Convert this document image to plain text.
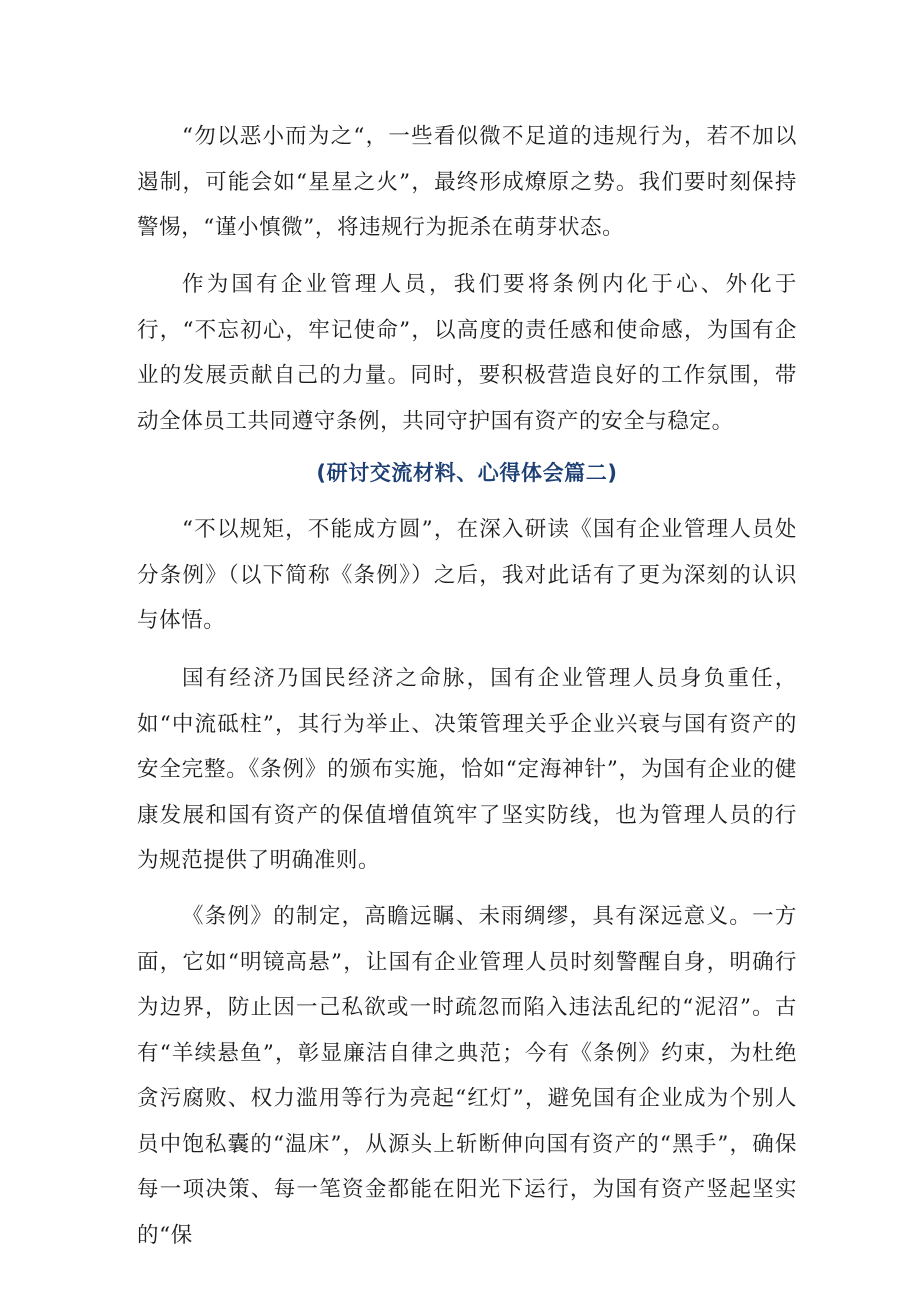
“勿以恶小而为之“，一些看似微不足道的违规行为，若不加以遏制，可能会如“星星之火”，最终形成燎原之势。我们要时刻保持警惕，“谨小慎微”，将违规行为扼杀在萌芽状态。

作为国有企业管理人员，我们要将条例内化于心、外化于行，“不忘初心，牢记使命”，以高度的责任感和使命感，为国有企业的发展贡献自己的力量。同时，要积极营造良好的工作氛围，带动全体员工共同遵守条例，共同守护国有资产的安全与稳定。

(研讨交流材料、心得体会篇二)

“不以规矩，不能成方圆”，在深入研读《国有企业管理人员处分条例》（以下简称《条例》）之后，我对此话有了更为深刻的认识与体悟。

国有经济乃国民经济之命脉，国有企业管理人员身负重任，如“中流砥柱”，其行为举止、决策管理关乎企业兴衰与国有资产的安全完整。《条例》的颁布实施，恰如“定海神针”，为国有企业的健康发展和国有资产的保值增值筑牢了坚实防线，也为管理人员的行为规范提供了明确准则。

《条例》的制定，高瞻远瞩、未雨绸缪，具有深远意义。一方面，它如“明镜高悬”，让国有企业管理人员时刻警醒自身，明确行为边界，防止因一己私欲或一时疏忽而陷入违法乱纪的“泥沼”。古有“羊续悬鱼”，彰显廉洁自律之典范；今有《条例》约束，为杜绝贪污腐败、权力滥用等行为亮起“红灯”，避免国有企业成为个别人员中饱私囊的“温床”，从源头上斩断伸向国有资产的“黑手”，确保每一项决策、每一笔资金都能在阳光下运行，为国有资产竖起坚实的“保
